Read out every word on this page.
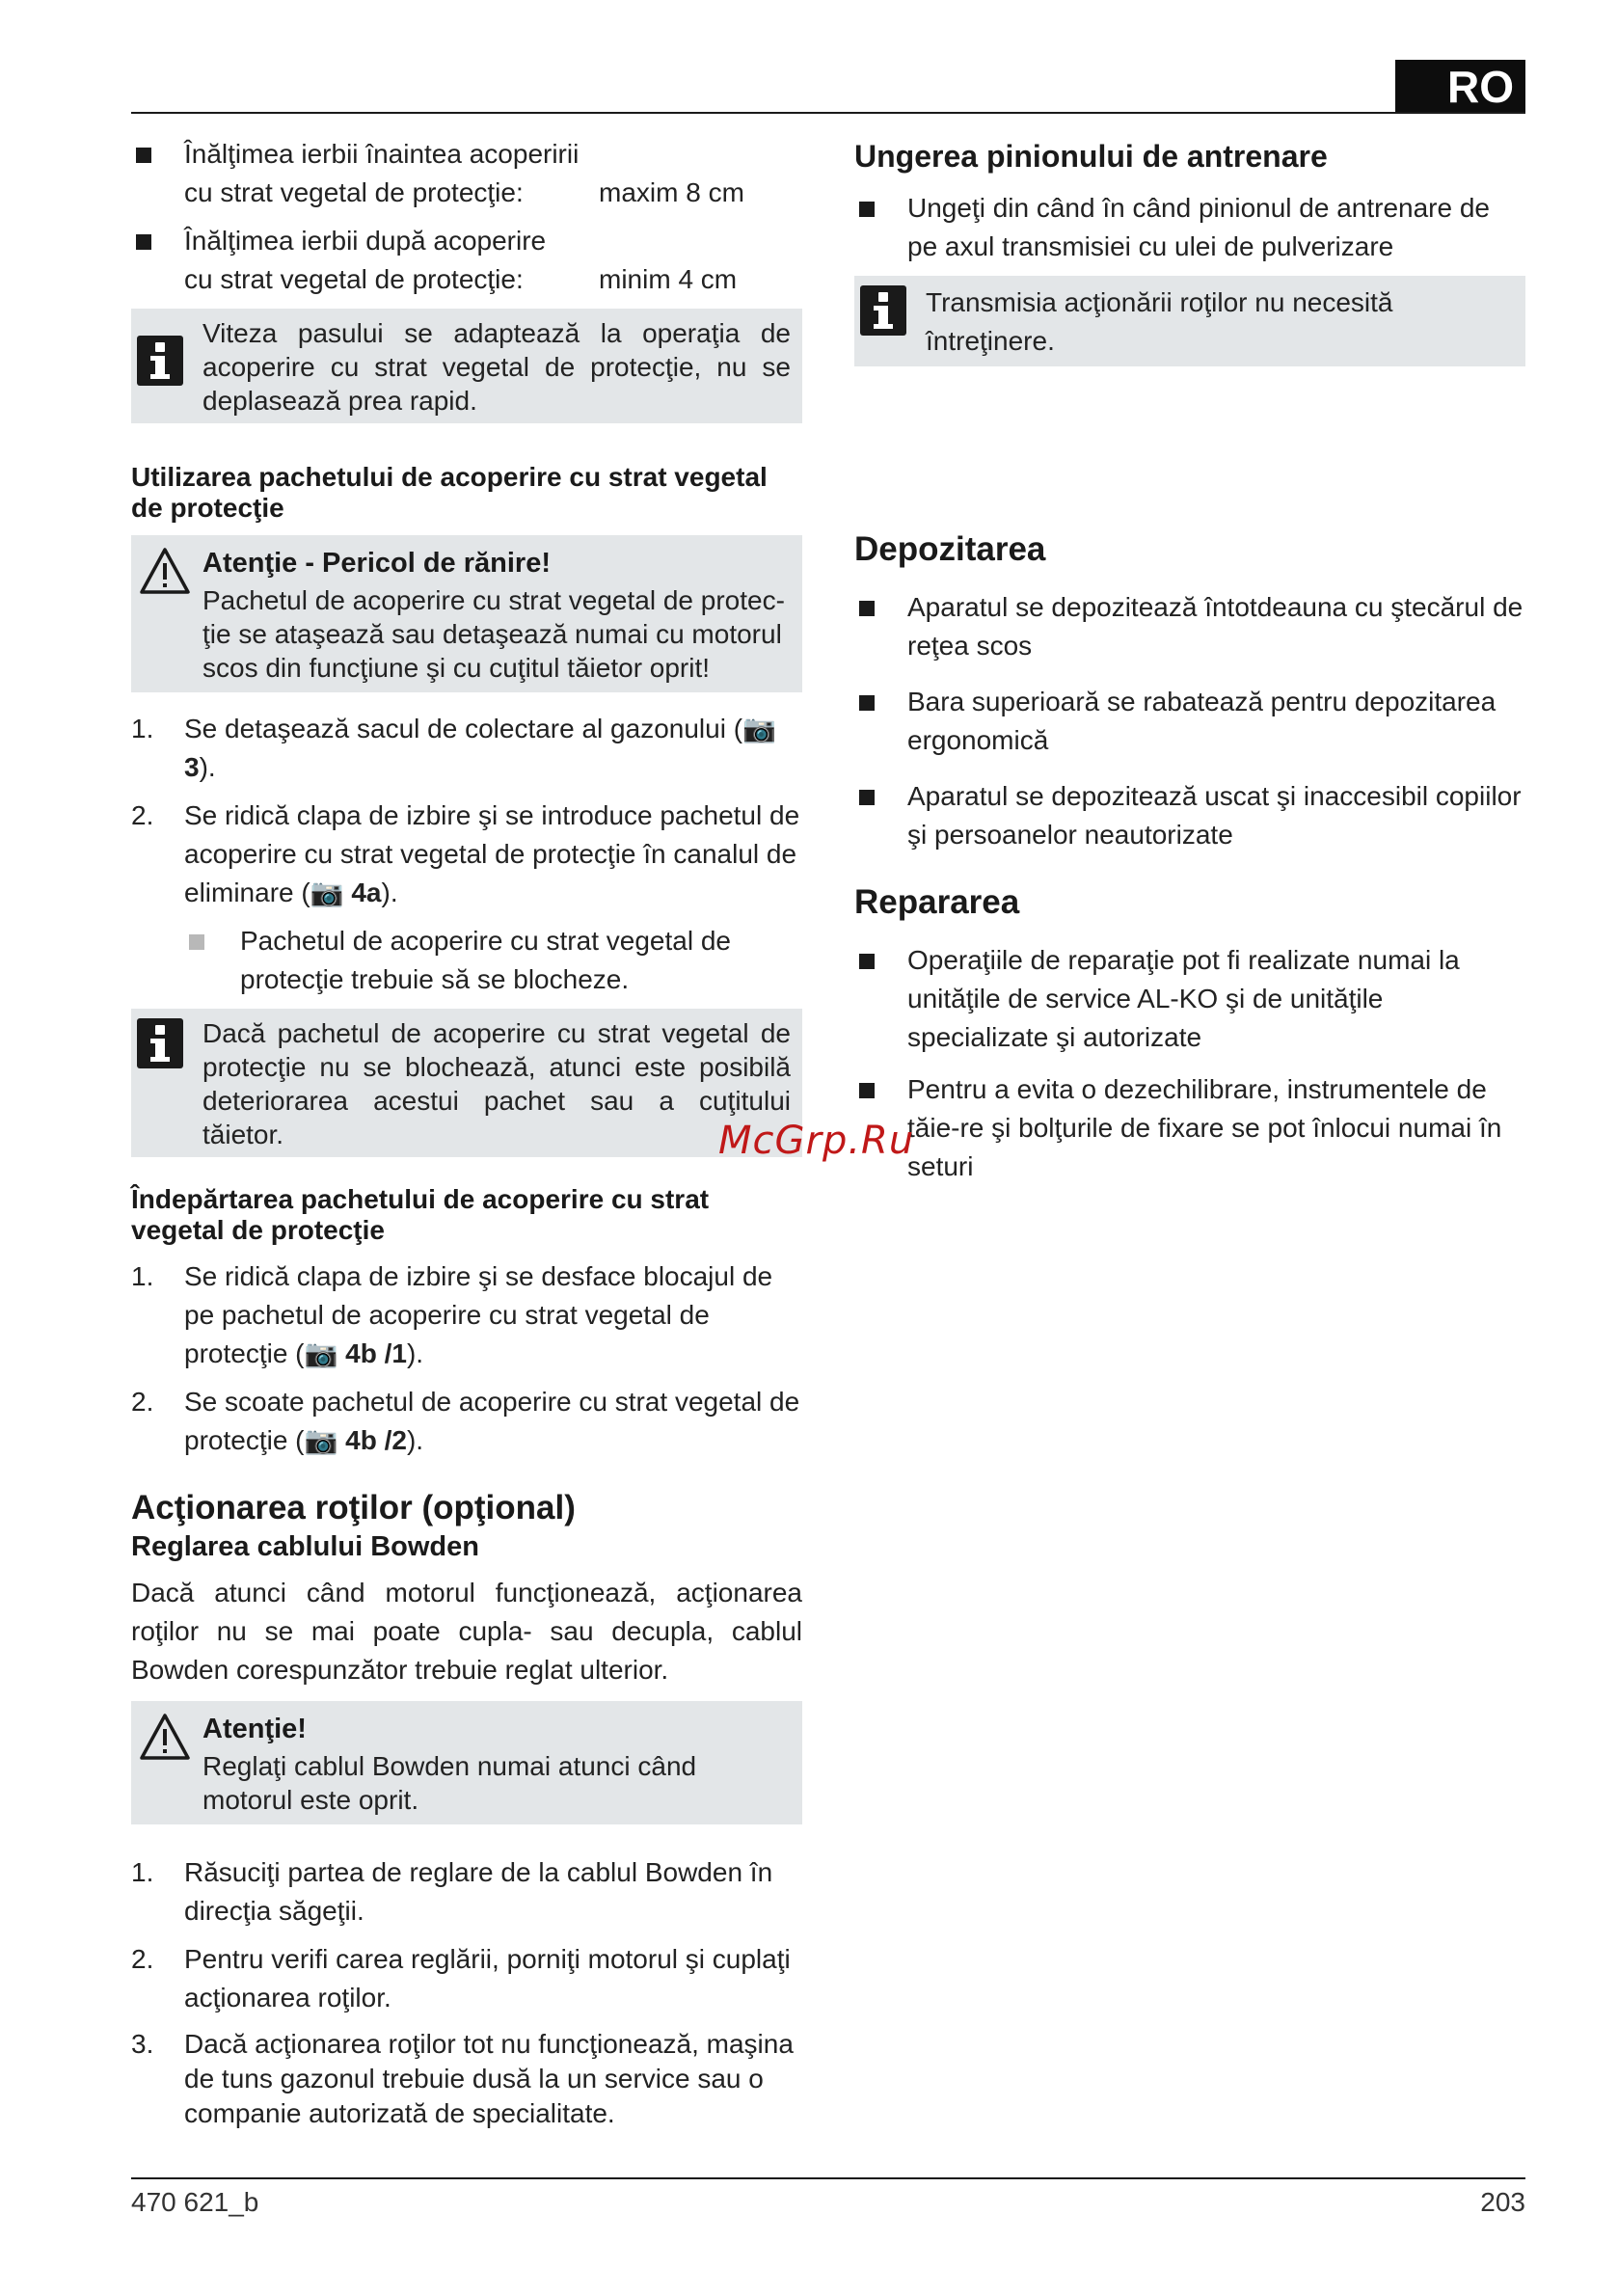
RO
Înălţimea ierbii înaintea acoperirii
cu strat vegetal de protecţie:	maxim 8 cm
Înălţimea ierbii după acoperire
cu strat vegetal de protecţie:	minim 4 cm
Viteza pasului se adaptează la operaţia de acoperire cu strat vegetal de protecţie, nu se deplasează prea rapid.
Utilizarea pachetului de acoperire cu strat vegetal de protecţie
Atenţie - Pericol de rănire!
Pachetul de acoperire cu strat vegetal de protec-ţie se ataşează sau detaşează numai cu motorul scos din funcţiune şi cu cuţitul tăietor oprit!
1. Se detaşează sacul de colectare al gazonului (📷 3).
2. Se ridică clapa de izbire şi se introduce pachetul de acoperire cu strat vegetal de protecţie în canalul de eliminare (📷 4a).
Pachetul de acoperire cu strat vegetal de protecţie trebuie să se blocheze.
Dacă pachetul de acoperire cu strat vegetal de protecţie nu se blochează, atunci este posibilă deteriorarea acestui pachet sau a cuţitului tăietor.
Îndepărtarea pachetului de acoperire cu strat vegetal de protecţie
1. Se ridică clapa de izbire şi se desface blocajul de pe pachetul de acoperire cu strat vegetal de protecţie (📷 4b /1).
2. Se scoate pachetul de acoperire cu strat vegetal de protecţie (📷 4b /2).
Acţionarea roţilor (opţional)
Reglarea cablului Bowden
Dacă atunci când motorul funcţionează, acţionarea roţilor nu se mai poate cupla- sau decupla, cablul Bowden corespunzător trebuie reglat ulterior.
Atenţie!
Reglaţi cablul Bowden numai atunci când motorul este oprit.
1. Răsuciţi partea de reglare de la cablul Bowden în direcţia săgeţii.
2. Pentru verifi carea reglării, porniţi motorul şi cuplaţi acţionarea roţilor.
3. Dacă acţionarea roţilor tot nu funcţionează, maşina de tuns gazonul trebuie dusă la un service sau o companie autorizată de specialitate.
Ungerea pinionului de antrenare
Ungeţi din când în când pinionul de antrenare de pe axul transmisiei cu ulei de pulverizare
Transmisia acţionării roţilor nu necesită întreţinere.
Depozitarea
Aparatul se depozitează întotdeauna cu ştecărul de reţea scos
Bara superioară se rabatează pentru depozitarea ergonomică
Aparatul se depozitează uscat şi inaccesibil copiilor şi persoanelor neautorizate
Repararea
Operaţiile de reparaţie pot fi realizate numai la unităţile de service AL-KO şi de unităţile specializate şi autorizate
Pentru a evita o dezechilibrare, instrumentele de tăie-re şi bolţurile de fixare se pot înlocui numai în seturi
McGrp.Ru
470 621_b	203
